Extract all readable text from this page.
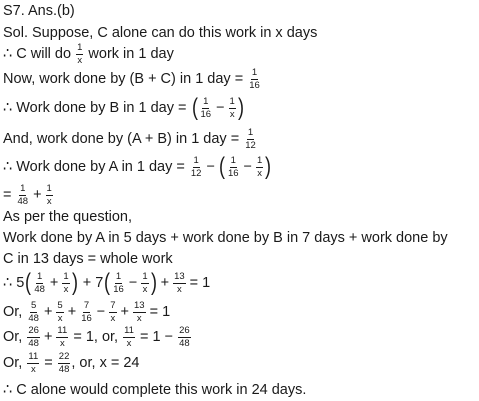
S7. Ans.(b)
Sol. Suppose, C alone can do this work in x days
∴ C will do $\frac{1}{x}$ work in 1 day
Now, work done by (B + C) in 1 day = $\frac{1}{16}$
∴ Work done by B in 1 day = ( $\frac{1}{16} - \frac{1}{x}$ )
And, work done by (A + B) in 1 day = $\frac{1}{12}$
∴ Work done by A in 1 day = $\frac{1}{12}$ − ( $\frac{1}{16} - \frac{1}{x}$ )
= $\frac{1}{48} + \frac{1}{x}$
As per the question,
Work done by A in 5 days + work done by B in 7 days + work done by
C in 13 days = whole work
∴ 5 ( $\frac{1}{48} + \frac{1}{x}$ ) + 7 ( $\frac{1}{16} - \frac{1}{x}$ ) + $\frac{13}{x} = 1$
Or, $\frac{5}{48} + \frac{5}{x} + \frac{7}{16} - \frac{7}{x} + \frac{13}{x} = 1$
Or, $\frac{26}{48} + \frac{11}{x} = 1$, or, $\frac{11}{x} = 1 - \frac{26}{48}$
Or, $\frac{11}{x} = \frac{22}{48}$ , or, x = 24
∴ C alone would complete this work in 24 days.
